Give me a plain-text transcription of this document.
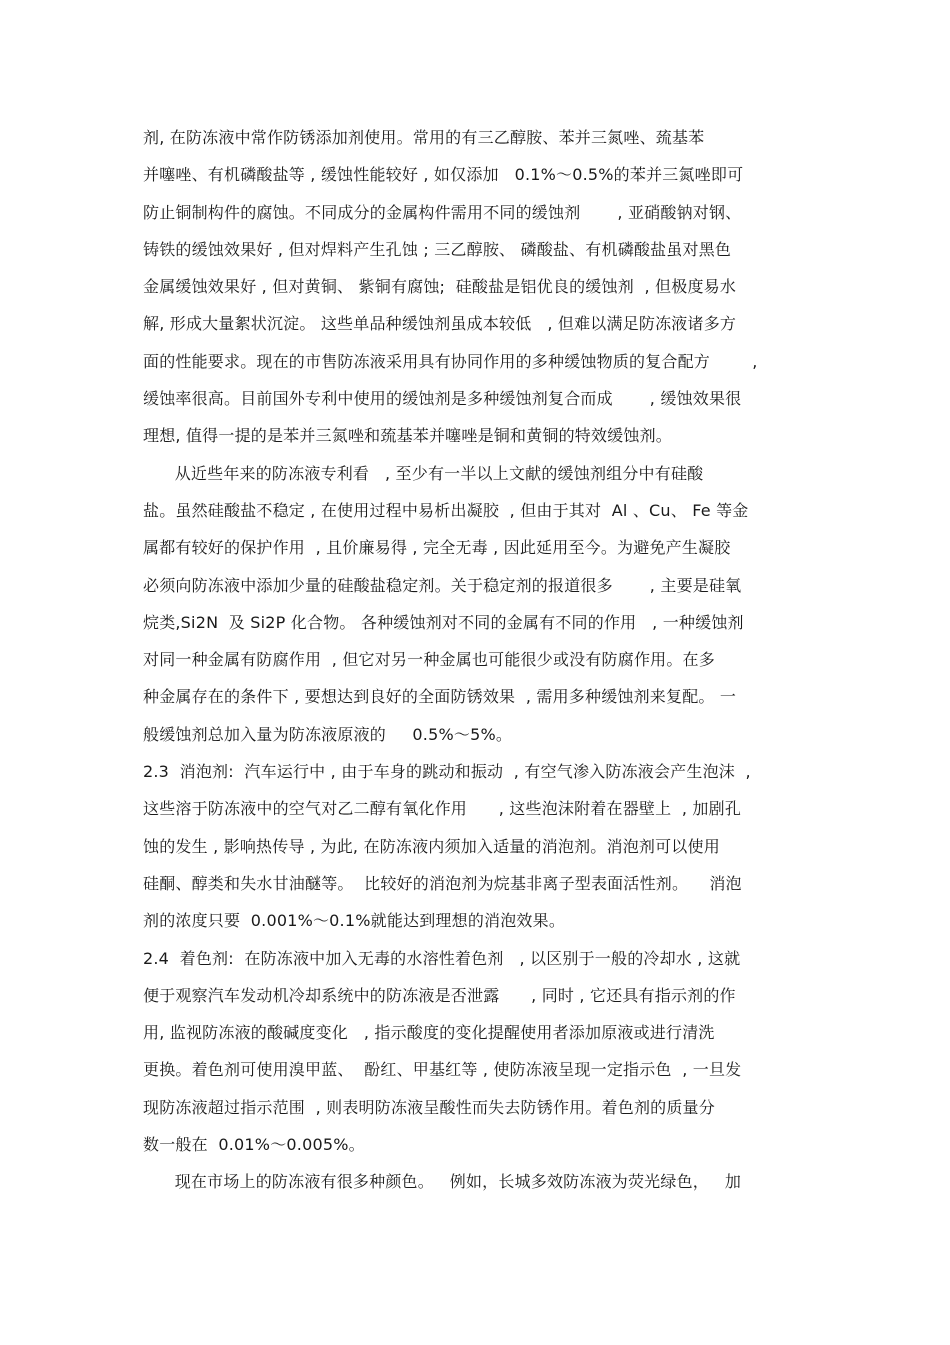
剂, 在防冻液中常作防锈添加剂使用。常用的有三乙醇胺、苯并三氮唑、巯基苯
并噻唑、有机磷酸盐等 , 缓蚀性能较好 , 如仅添加   0.1%～0.5%的苯并三氮唑即可
防止铜制构件的腐蚀。不同成分的金属构件需用不同的缓蚀剂       , 亚硝酸钠对钢、
铸铁的缓蚀效果好 , 但对焊料产生孔蚀 ; 三乙醇胺、 磷酸盐、有机磷酸盐虽对黑色
金属缓蚀效果好 , 但对黄铜、 紫铜有腐蚀;  硅酸盐是铝优良的缓蚀剂  , 但极度易水
解, 形成大量絮状沉淀。 这些单品种缓蚀剂虽成本较低   , 但难以满足防冻液诸多方
面的性能要求。现在的市售防冻液采用具有协同作用的多种缓蚀物质的复合配方        ,
缓蚀率很高。目前国外专利中使用的缓蚀剂是多种缓蚀剂复合而成       , 缓蚀效果很
理想, 值得一提的是苯并三氮唑和巯基苯并噻唑是铜和黄铜的特效缓蚀剂。
从近些年来的防冻液专利看   , 至少有一半以上文献的缓蚀剂组分中有硅酸
盐。虽然硅酸盐不稳定 , 在使用过程中易析出凝胶  , 但由于其对  Al 、Cu、 Fe 等金
属都有较好的保护作用  , 且价廉易得 , 完全无毒 , 因此延用至今。为避免产生凝胶
必须向防冻液中添加少量的硅酸盐稳定剂。关于稳定剂的报道很多       , 主要是硅氧
烷类,Si2N  及 Si2P 化合物。 各种缓蚀剂对不同的金属有不同的作用   , 一种缓蚀剂
对同一种金属有防腐作用  , 但它对另一种金属也可能很少或没有防腐作用。在多
种金属存在的条件下 , 要想达到良好的全面防锈效果  , 需用多种缓蚀剂来复配。 一
般缓蚀剂总加入量为防冻液原液的     0.5%～5%。
2.3  消泡剂:  汽车运行中 , 由于车身的跳动和振动  , 有空气渗入防冻液会产生泡沫  ,
这些溶于防冻液中的空气对乙二醇有氧化作用      , 这些泡沫附着在器壁上  , 加剧孔
蚀的发生 , 影响热传导 , 为此, 在防冻液内须加入适量的消泡剂。消泡剂可以使用
硅酮、醇类和失水甘油醚等。  比较好的消泡剂为烷基非离子型表面活性剂。    消泡
剂的浓度只要  0.001%～0.1%就能达到理想的消泡效果。
2.4  着色剂:  在防冻液中加入无毒的水溶性着色剂   , 以区别于一般的冷却水 , 这就
便于观察汽车发动机冷却系统中的防冻液是否泄露      , 同时 , 它还具有指示剂的作
用, 监视防冻液的酸碱度变化   , 指示酸度的变化提醒使用者添加原液或进行清洗
更换。着色剂可使用溴甲蓝、  酚红、甲基红等 , 使防冻液呈现一定指示色  , 一旦发
现防冻液超过指示范围  , 则表明防冻液呈酸性而失去防锈作用。着色剂的质量分
数一般在  0.01%～0.005%。
现在市场上的防冻液有很多种颜色。   例如，长城多效防冻液为荧光绿色，   加
